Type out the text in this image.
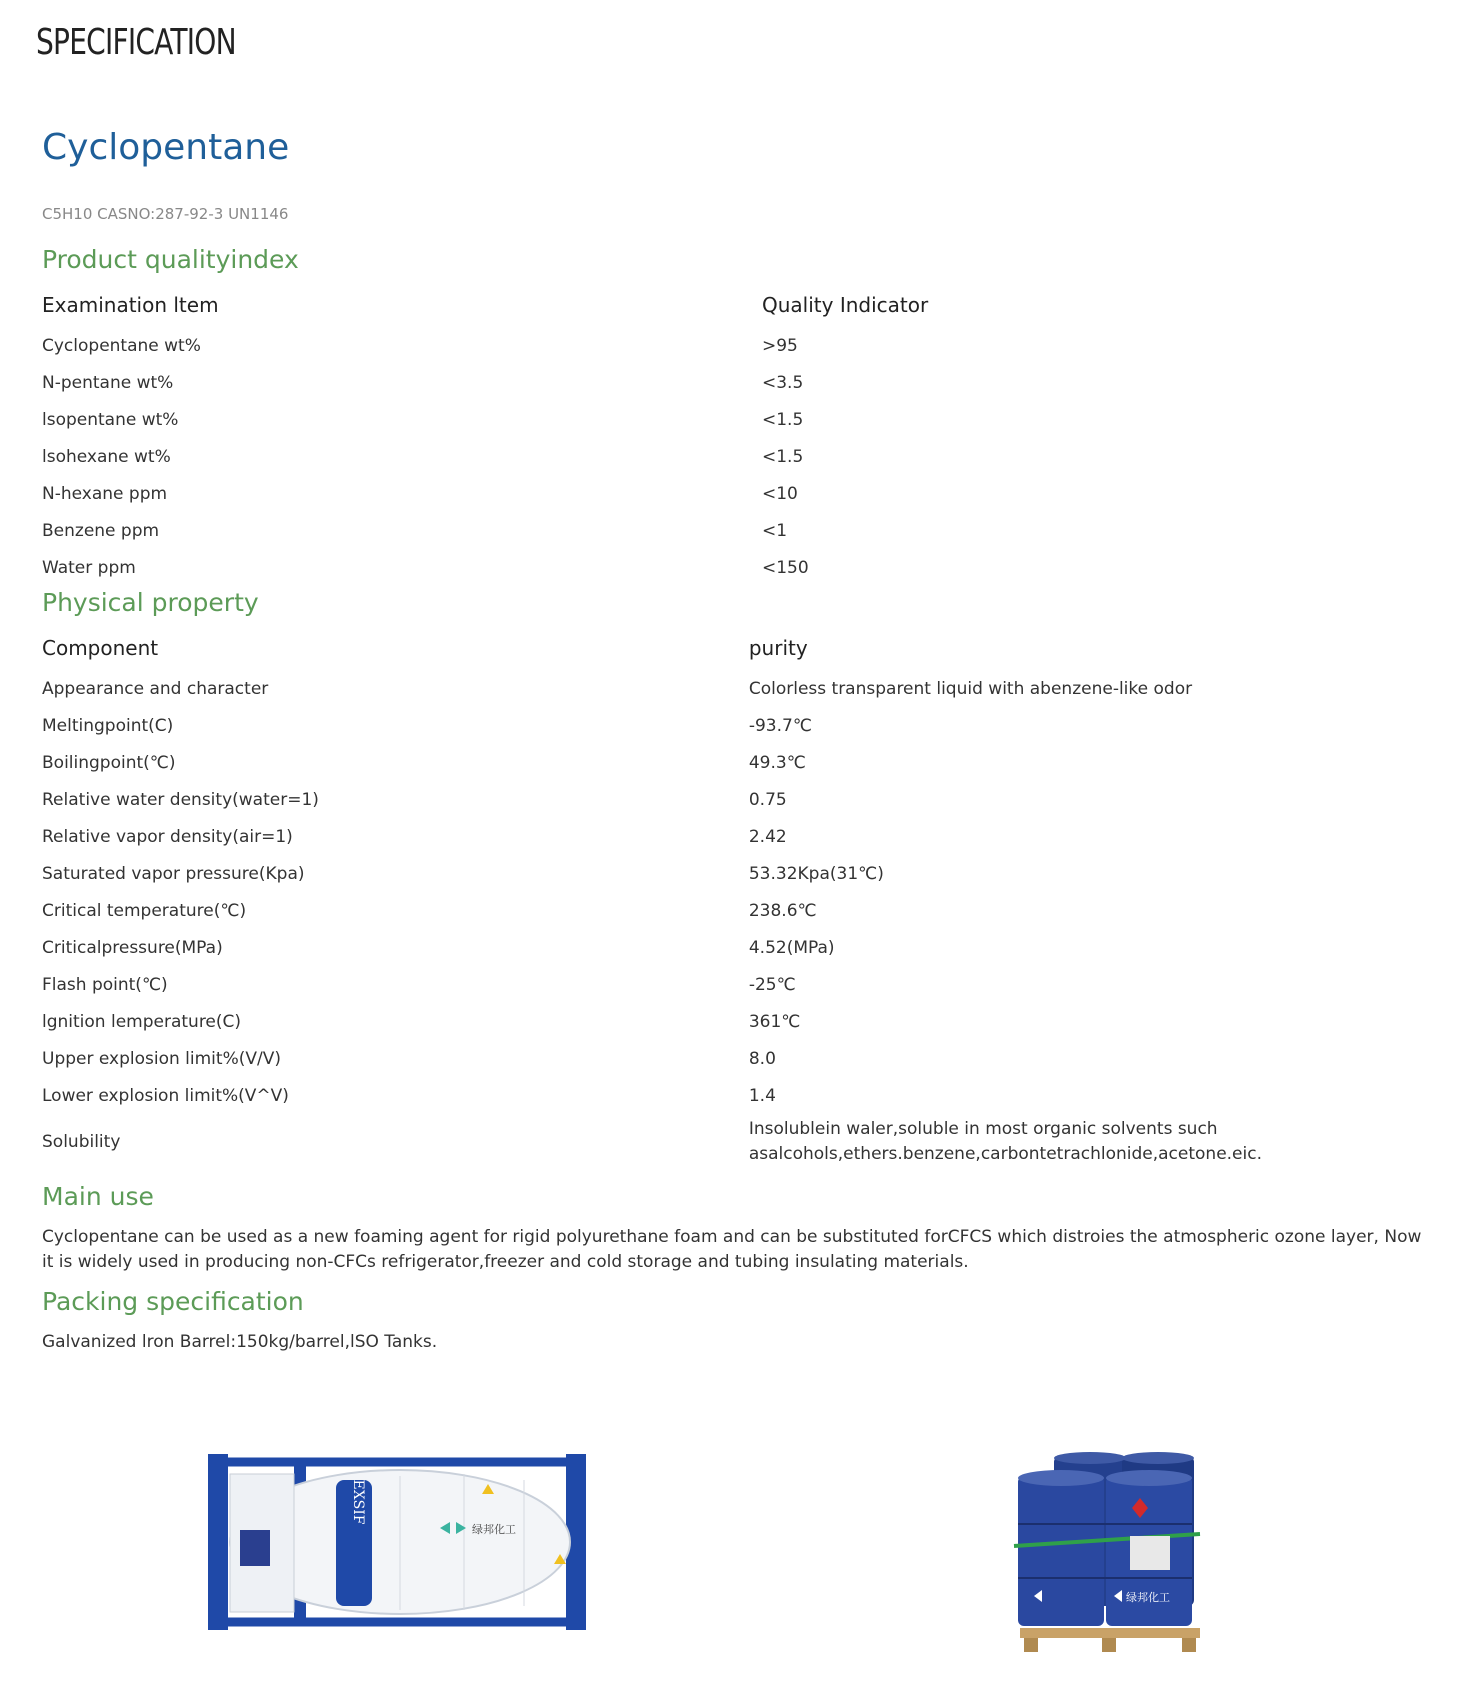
SPECIFICATION
Cyclopentane
C5H10 CASNO:287-92-3 UN1146
Product qualityindex
Examination ltem	Quality Indicator
Cyclopentane wt%	>95
N-pentane wt%	<3.5
lsopentane wt%	<1.5
lsohexane wt%	<1.5
N-hexane ppm	<10
Benzene ppm	<1
Water ppm	<150
Physical property
Component	purity
Appearance and character	Colorless transparent liquid with abenzene-like odor
Meltingpoint(C)	-93.7℃
Boilingpoint(℃)	49.3℃
Relative water density(water=1)	0.75
Relative vapor density(air=1)	2.42
Saturated vapor pressure(Kpa)	53.32Kpa(31℃)
Critical temperature(℃)	238.6℃
Criticalpressure(MPa)	4.52(MPa)
Flash point(℃)	-25℃
lgnition lemperature(C)	361℃
Upper explosion limit%(V/V)	8.0
Lower explosion limit%(V^V)	1.4
Solubility	Insolublein waler,soluble in most organic solvents such asalcohols,ethers.benzene,carbontetrachlonide,acetone.eic.
Main use

Cyclopentane can be used as a new foaming agent for rigid polyurethane foam and can be substituted forCFCS which distroies the atmospheric ozone layer, Now it is widely used in producing non-CFCs refrigerator,freezer and cold storage and tubing insulating materials.

Packing specification

Galvanized lron Barrel:150kg/barrel,lSO Tanks.

EXSIF
绿邦化工
绿邦化工
